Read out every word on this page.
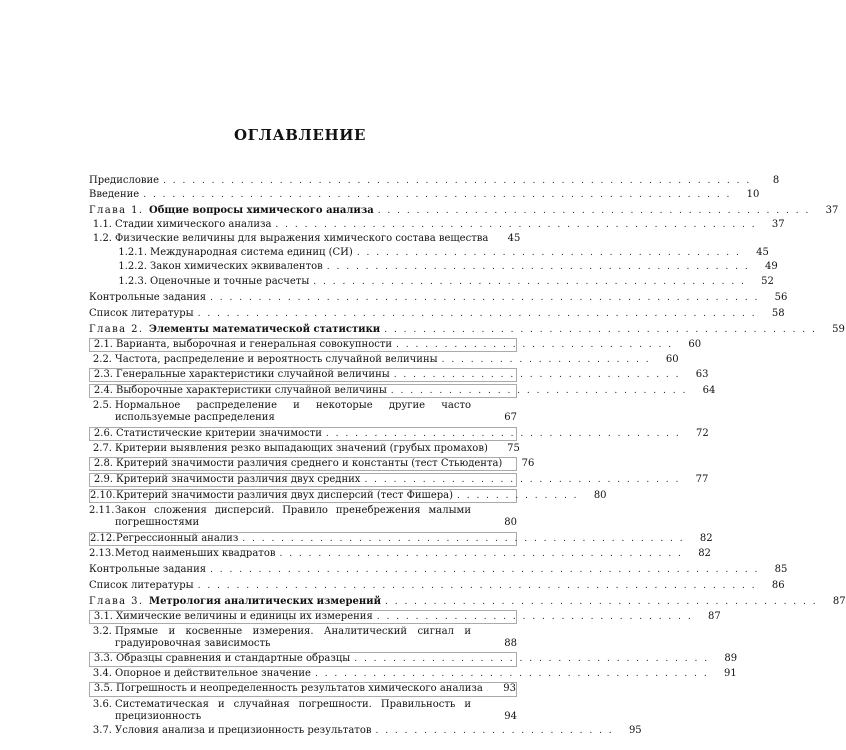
ОГЛАВЛЕНИЕ
Предисловие . . . . . . . . . . . . . . . . . . . . . . . . . . . . . . . . . . . . . . . . . . . . . . . . . . . . . . . . . . . . .	8
Введение . . . . . . . . . . . . . . . . . . . . . . . . . . . . . . . . . . . . . . . . . . . . . . . . . . . . . . . . . . . . .	10
Глава 1. Общие вопросы химического анализа . . . . . . . . . . . . . . . . . . . . . . . . . . . . . . . . . . . . . . . . . . . . .	37
1.1. Стадии химического анализа . . . . . . . . . . . . . . . . . . . . . . . . . . . . . . . . . . . . . . . . . . . . . . . . . .	37
1.2. Физические величины для выражения химического состава вещества	45
1.2.1. Международная система единиц (СИ) . . . . . . . . . . . . . . . . . . . . . . . . . . . . . . . . . . . . . . . .	45
1.2.2. Закон химических эквивалентов . . . . . . . . . . . . . . . . . . . . . . . . . . . . . . . . . . . . . . . . . . . .	49
1.2.3. Оценочные и точные расчеты . . . . . . . . . . . . . . . . . . . . . . . . . . . . . . . . . . . . . . . . . . . . .	52
Контрольные задания . . . . . . . . . . . . . . . . . . . . . . . . . . . . . . . . . . . . . . . . . . . . . . . . . . . . . . . . .	56
Список литературы . . . . . . . . . . . . . . . . . . . . . . . . . . . . . . . . . . . . . . . . . . . . . . . . . . . . . . . . . .	58
Глава 2. Элементы математической статистики . . . . . . . . . . . . . . . . . . . . . . . . . . . . . . . . . . . . . . . . . . . . .	59
2.1. Варианта, выборочная и генеральная совокупности . . . . . . . . . . . . . . . . . . . . . . . . . . . . .	60
2.2. Частота, распределение и вероятность случайной величины . . . . . . . . . . . . . . . . . . . . . .	60
2.3. Генеральные характеристики случайной величины . . . . . . . . . . . . . . . . . . . . . . . . . . . . . .	63
2.4. Выборочные характеристики случайной величины . . . . . . . . . . . . . . . . . . . . . . . . . . . . . . .	64
2.5. Нормальное распределение и некоторые другие часто используемые распределения	67
2.6. Статистические критерии значимости . . . . . . . . . . . . . . . . . . . . . . . . . . . . . . . . . . . . .	72
2.7. Критерии выявления резко выпадающих значений (грубых промахов)	75
2.8. Критерий значимости различия среднего и константы (тест Стьюдента)	76
2.9. Критерий значимости различия двух средних . . . . . . . . . . . . . . . . . . . . . . . . . . . . . . . . .	77
2.10. Критерий значимости различия двух дисперсий (тест Фишера) . . . . . . . . . . . . .	80
2.11. Закон сложения дисперсий. Правило пренебрежения малыми погрешностями	80
2.12. Регрессионный анализ . . . . . . . . . . . . . . . . . . . . . . . . . . . . . . . . . . . . . . . . . . . . . .	82
2.13. Метод наименьших квадратов . . . . . . . . . . . . . . . . . . . . . . . . . . . . . . . . . . . . . . . . . .	82
Контрольные задания . . . . . . . . . . . . . . . . . . . . . . . . . . . . . . . . . . . . . . . . . . . . . . . . . . . . . . . . .	85
Список литературы . . . . . . . . . . . . . . . . . . . . . . . . . . . . . . . . . . . . . . . . . . . . . . . . . . . . . . . . . .	86
Глава 3. Метрология аналитических измерений . . . . . . . . . . . . . . . . . . . . . . . . . . . . . . . . . . . . . . . . . . . . .	87
3.1. Химические величины и единицы их измерения . . . . . . . . . . . . . . . . . . . . . . . . . . . . . . . . .	87
3.2. Прямые и косвенные измерения. Аналитический сигнал и градуировочная зависимость	88
3.3. Образцы сравнения и стандартные образцы . . . . . . . . . . . . . . . . . . . . . . . . . . . . . . . . . . . . .	89
3.4. Опорное и действительное значение . . . . . . . . . . . . . . . . . . . . . . . . . . . . . . . . . . . . . . . . .	91
3.5. Погрешность и неопределенность результатов химического анализа	93
3.6. Систематическая и случайная погрешности. Правильность и прецизионность	94
3.7. Условия анализа и прецизионность результатов . . . . . . . . . . . . . . . . . . . . . . . . .	95
